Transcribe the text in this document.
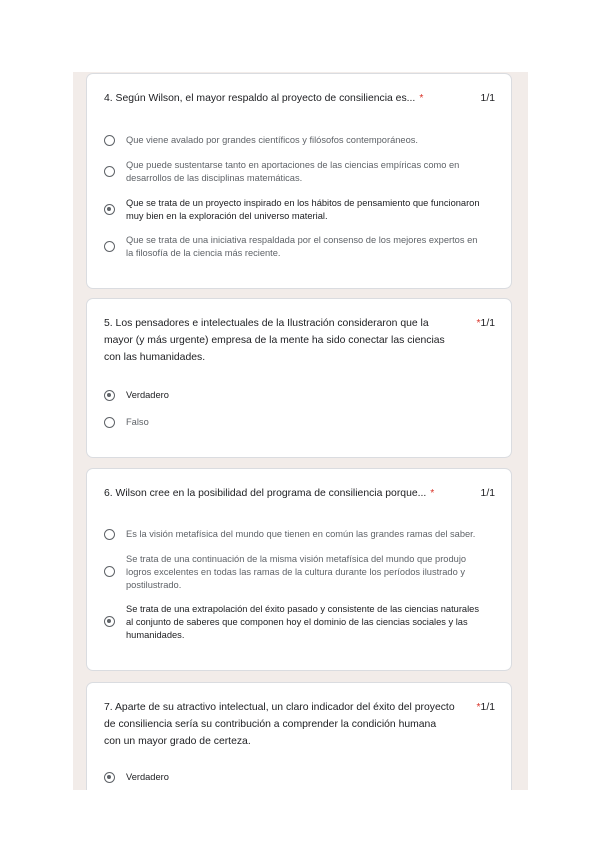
4. Según Wilson, el mayor respaldo al proyecto de consiliencia es... *	1/1
Que viene avalado por grandes científicos y filósofos contemporáneos.
Que puede sustentarse tanto en aportaciones de las ciencias empíricas como en desarrollos de las disciplinas matemáticas.
Que se trata de un proyecto inspirado en los hábitos de pensamiento que funcionaron muy bien en la exploración del universo material.
Que se trata de una iniciativa respaldada por el consenso de los mejores expertos en la filosofía de la ciencia más reciente.
5. Los pensadores e intelectuales de la Ilustración consideraron que la mayor (y más urgente) empresa de la mente ha sido conectar las ciencias con las humanidades.
*1/1
Verdadero
Falso
6. Wilson cree en la posibilidad del programa de consiliencia porque... *	1/1
Es la visión metafísica del mundo que tienen en común las grandes ramas del saber.
Se trata de una continuación de la misma visión metafísica del mundo que produjo logros excelentes en todas las ramas de la cultura durante los períodos ilustrado y postilustrado.
Se trata de una extrapolación del éxito pasado y consistente de las ciencias naturales al conjunto de saberes que componen hoy el dominio de las ciencias sociales y las humanidades.
7. Aparte de su atractivo intelectual, un claro indicador del éxito del proyecto de consiliencia sería su contribución a comprender la condición humana con un mayor grado de certeza.
*1/1
Verdadero
